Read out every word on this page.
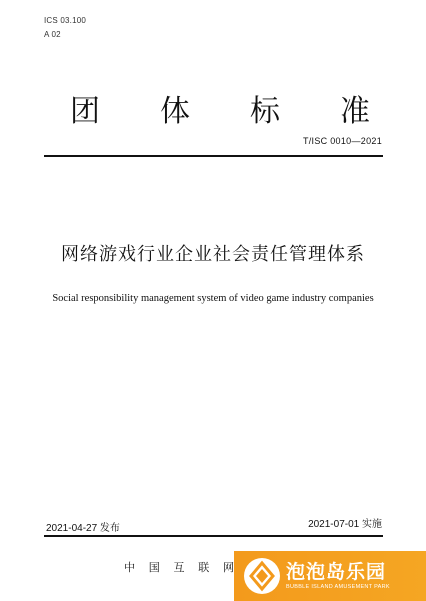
ICS 03.100
A 02
团 体 标 准
T/ISC 0010—2021
网络游戏行业企业社会责任管理体系
Social responsibility management system of video game industry companies
2021-04-27 发布	2021-07-01 实施
中 国 互 联 网	泡泡岛乐园
BUBBLE ISLAND AMUSEMENT PARK
